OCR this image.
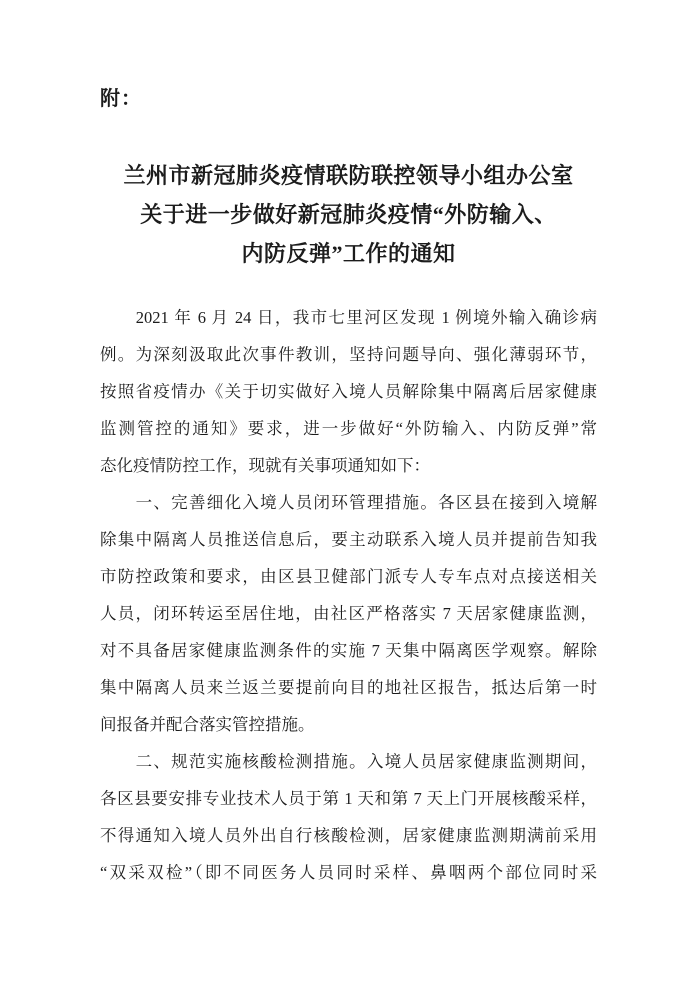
附：
兰州市新冠肺炎疫情联防联控领导小组办公室
关于进一步做好新冠肺炎疫情“外防输入、
内防反弹”工作的通知
　　2021 年 6 月 24 日，我市七里河区发现 1 例境外输入确诊病
例。为深刻汲取此次事件教训，坚持问题导向、强化薄弱环节，
按照省疫情办《关于切实做好入境人员解除集中隔离后居家健康
监测管控的通知》要求，进一步做好“外防输入、内防反弹”常
态化疫情防控工作，现就有关事项通知如下：
　　一、完善细化入境人员闭环管理措施。各区县在接到入境解
除集中隔离人员推送信息后，要主动联系入境人员并提前告知我
市防控政策和要求，由区县卫健部门派专人专车点对点接送相关
人员，闭环转运至居住地，由社区严格落实 7 天居家健康监测，
对不具备居家健康监测条件的实施 7 天集中隔离医学观察。解除
集中隔离人员来兰返兰要提前向目的地社区报告，抵达后第一时
间报备并配合落实管控措施。
　　二、规范实施核酸检测措施。入境人员居家健康监测期间，
各区县要安排专业技术人员于第 1 天和第 7 天上门开展核酸采样，
不得通知入境人员外出自行核酸检测，居家健康监测期满前采用
“双采双检”（即不同医务人员同时采样、鼻咽两个部位同时采
